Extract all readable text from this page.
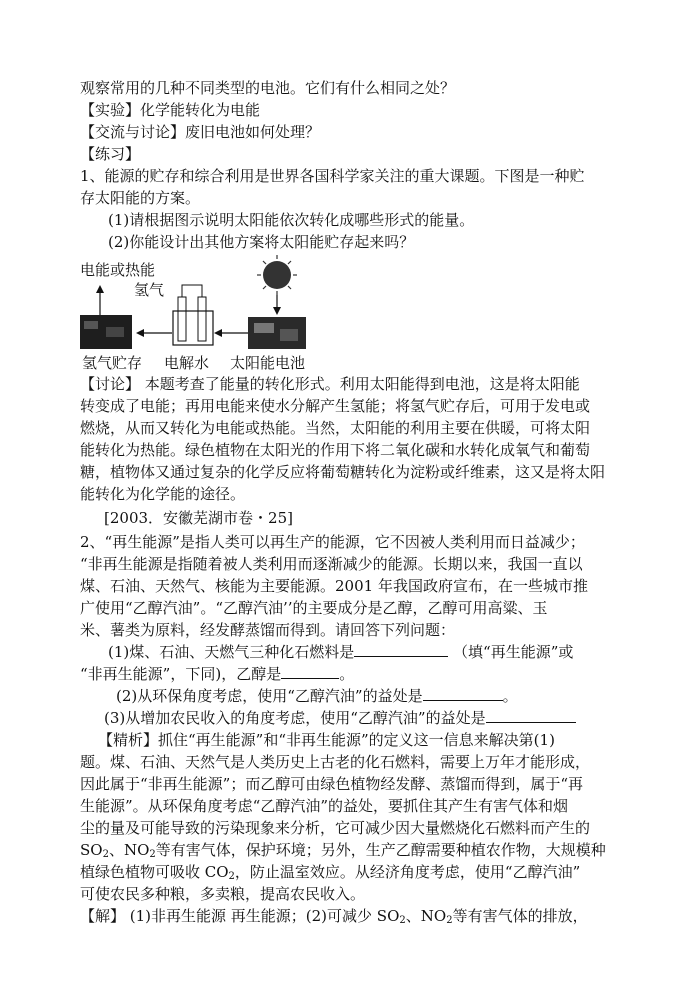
观察常用的几种不同类型的电池。它们有什么相同之处？
【实验】化学能转化为电能
【交流与讨论】废旧电池如何处理？
【练习】
1、能源的贮存和综合利用是世界各国科学家关注的重大课题。下图是一种贮
存太阳能的方案。
(1)请根据图示说明太阳能依次转化成哪些形式的能量。
(2)你能设计出其他方案将太阳能贮存起来吗？
电能或热能
氢气
氢气贮存 电解水 太阳能电池
【讨论】 本题考查了能量的转化形式。利用太阳能得到电池，这是将太阳能
转变成了电能；再用电能来使水分解产生氢能；将氢气贮存后，可用于发电或
燃烧，从而又转化为电能或热能。当然，太阳能的利用主要在供暖，可将太阳
能转化为热能。绿色植物在太阳光的作用下将二氧化碳和水转化成氧气和葡萄
糖，植物体又通过复杂的化学反应将葡萄糖转化为淀粉或纤维素，这又是将太阳
能转化为化学能的途径。
[2003．安徽芜湖市卷・25]
2、“再生能源”是指人类可以再生产的能源，它不因被人类利用而日益减少；
“非再生能源是指随着被人类利用而逐渐减少的能源。长期以来，我国一直以
煤、石油、天然气、核能为主要能源。2001 年我国政府宣布，在一些城市推
广使用“乙醇汽油”。“乙醇汽油’’的主要成分是乙醇，乙醇可用高粱、玉
米、薯类为原料，经发酵蒸馏而得到。请回答下列问题：
(1)煤、石油、天燃气三种化石燃料是	（填“再生能源”或
“非再生能源”，下同)，乙醇是	。
(2)从环保角度考虑，使用“乙醇汽油”的益处是	。
(3)从增加农民收入的角度考虑，使用“乙醇汽油”的益处是
【精析】抓住“再生能源”和“非再生能源”的定义这一信息来解决第(1)
题。煤、石油、天然气是人类历史上古老的化石燃料，需要上万年才能形成，
因此属于“非再生能源”；而乙醇可由绿色植物经发酵、蒸馏而得到，属于“再
生能源”。从环保角度考虑“乙醇汽油”的益处，要抓住其产生有害气体和烟
尘的量及可能导致的污染现象来分析，它可减少因大量燃烧化石燃料而产生的
$SO_2$、$NO_2$等有害气体，保护环境；另外，生产乙醇需要种植农作物，大规模种
植绿色植物可吸收 $CO_2$，防止温室效应。从经济角度考虑，使用“乙醇汽油”
可使农民多种粮，多卖粮，提高农民收入。
【解】 (1)非再生能源 再生能源；(2)可减少 $SO_2$、$NO_2$等有害气体的排放，
